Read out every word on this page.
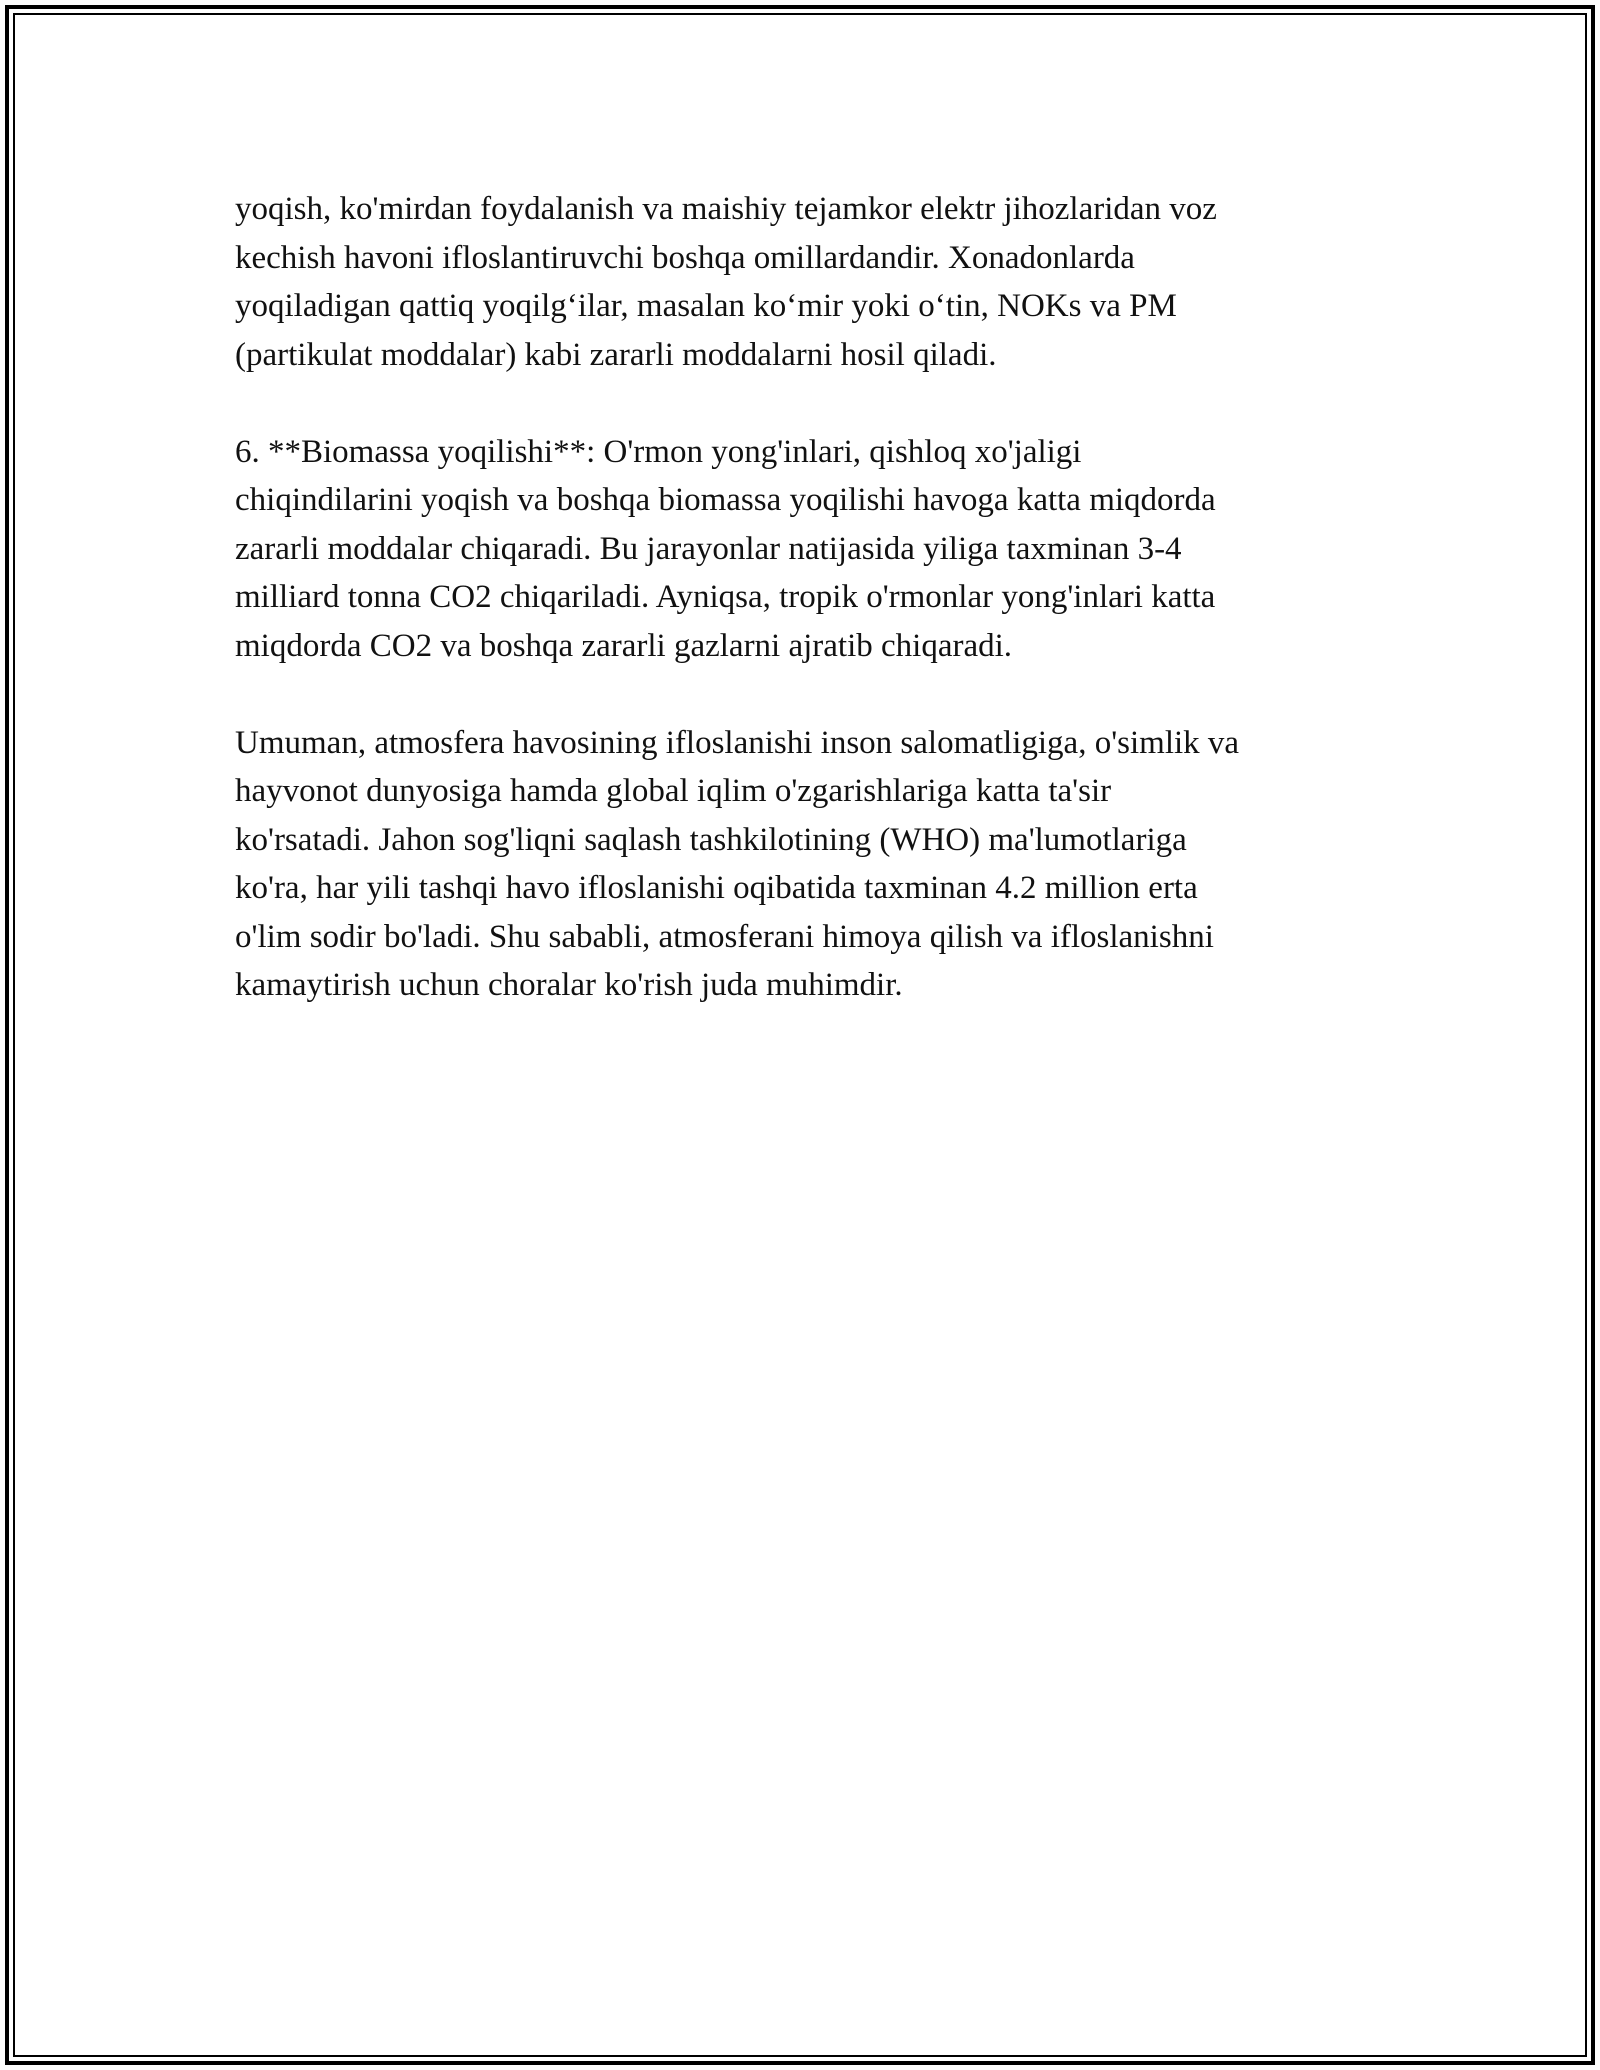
yoqish, ko'mirdan foydalanish va maishiy tejamkor elektr jihozlaridan voz
kechish havoni ifloslantiruvchi boshqa omillardandir. Xonadonlarda
yoqiladigan qattiq yoqilg‘ilar, masalan ko‘mir yoki o‘tin, NOKs va PM
(partikulat moddalar) kabi zararli moddalarni hosil qiladi.

6. **Biomassa yoqilishi**: O'rmon yong'inlari, qishloq xo'jaligi
chiqindilarini yoqish va boshqa biomassa yoqilishi havoga katta miqdorda
zararli moddalar chiqaradi. Bu jarayonlar natijasida yiliga taxminan 3-4
milliard tonna CO2 chiqariladi. Ayniqsa, tropik o'rmonlar yong'inlari katta
miqdorda CO2 va boshqa zararli gazlarni ajratib chiqaradi.

Umuman, atmosfera havosining ifloslanishi inson salomatligiga, o'simlik va
hayvonot dunyosiga hamda global iqlim o'zgarishlariga katta ta'sir
ko'rsatadi. Jahon sog'liqni saqlash tashkilotining (WHO) ma'lumotlariga
ko'ra, har yili tashqi havo ifloslanishi oqibatida taxminan 4.2 million erta
o'lim sodir bo'ladi. Shu sababli, atmosferani himoya qilish va ifloslanishni
kamaytirish uchun choralar ko'rish juda muhimdir.
